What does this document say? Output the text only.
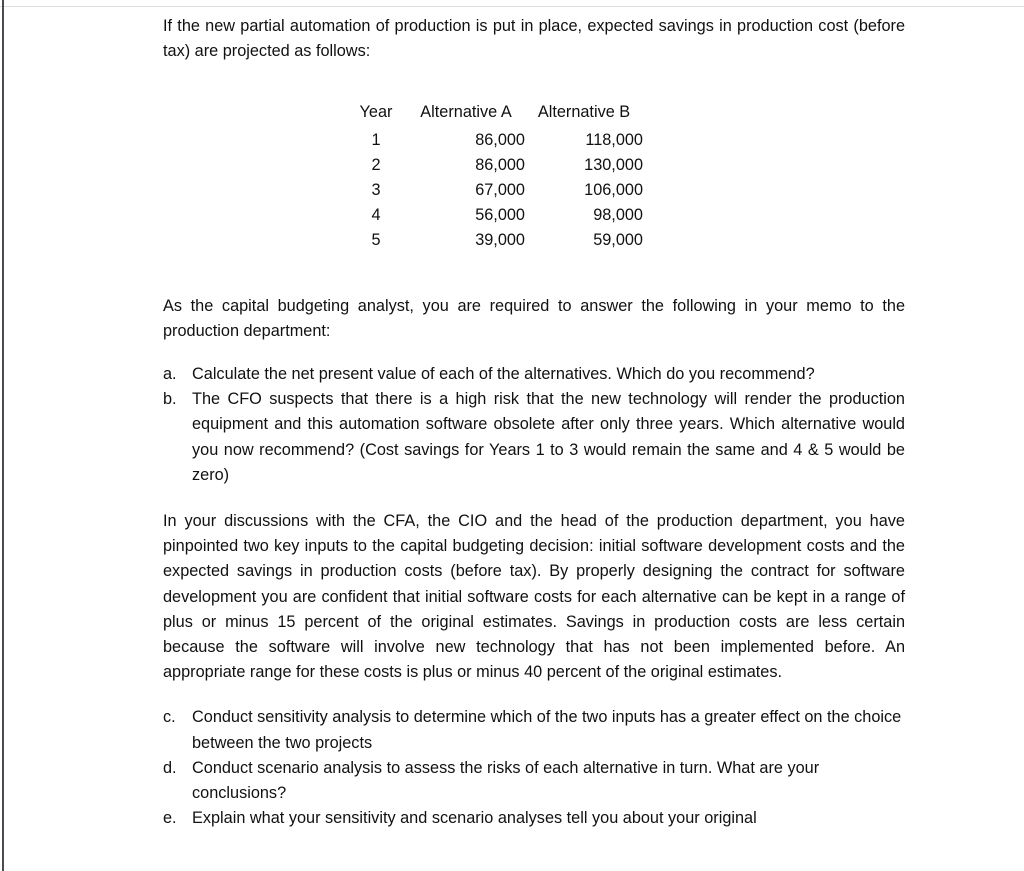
If the new partial automation of production is put in place, expected savings in production cost (before tax) are projected as follows:

Year	Alternative A	Alternative B
1	86,000	118,000
2	86,000	130,000
3	67,000	106,000
4	56,000	98,000
5	39,000	59,000

As the capital budgeting analyst, you are required to answer the following in your memo to the production department:

a. Calculate the net present value of each of the alternatives. Which do you recommend?
b. The CFO suspects that there is a high risk that the new technology will render the production equipment and this automation software obsolete after only three years. Which alternative would you now recommend? (Cost savings for Years 1 to 3 would remain the same and 4 & 5 would be zero)

In your discussions with the CFA, the CIO and the head of the production department, you have pinpointed two key inputs to the capital budgeting decision: initial software development costs and the expected savings in production costs (before tax). By properly designing the contract for software development you are confident that initial software costs for each alternative can be kept in a range of plus or minus 15 percent of the original estimates. Savings in production costs are less certain because the software will involve new technology that has not been implemented before. An appropriate range for these costs is plus or minus 40 percent of the original estimates.

c.	Conduct sensitivity analysis to determine which of the two inputs has a greater effect on the choice between the two projects
d. Conduct scenario analysis to assess the risks of each alternative in turn. What are your conclusions?
e. Explain what your sensitivity and scenario analyses tell you about your original
